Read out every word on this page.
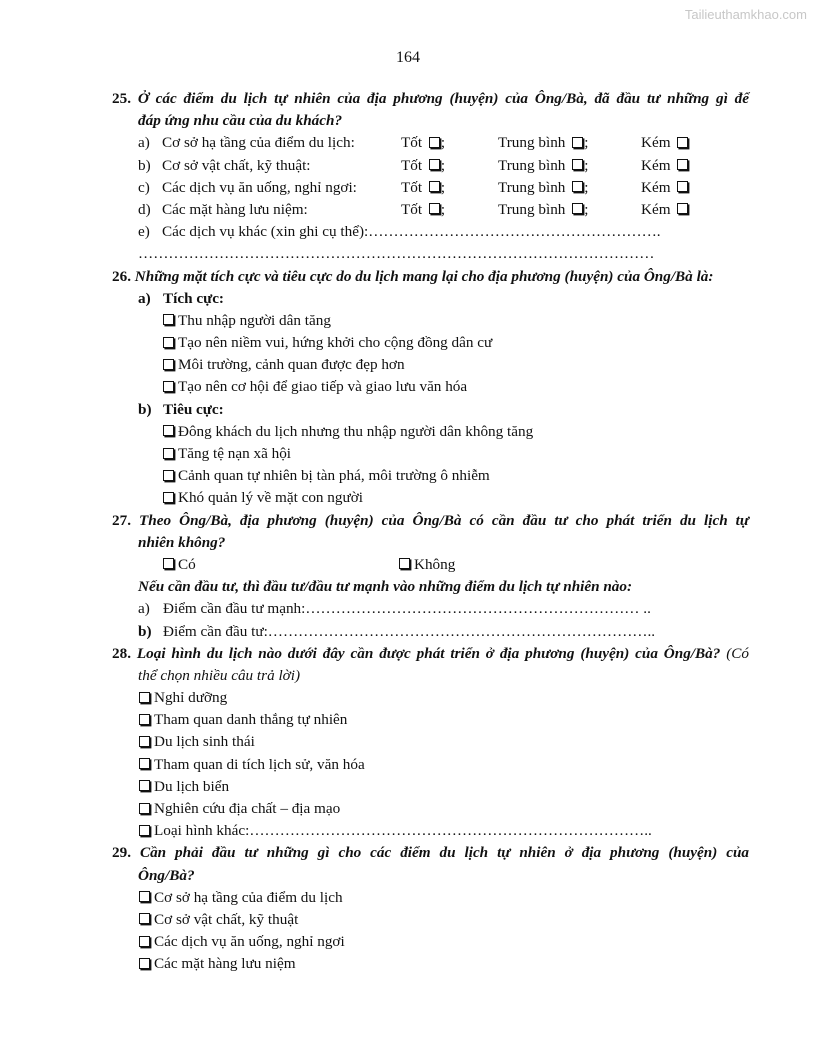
Tailieuthamkhao.com
164
25. Ở các điểm du lịch tự nhiên của địa phương (huyện) của Ông/Bà, đã đầu tư những gì để
đáp ứng nhu cầu của du khách?
a) Cơ sở hạ tầng của điểm du lịch:	Tốt ;	Trung bình ;	Kém
b) Cơ sở vật chất, kỹ thuật:	Tốt ;	Trung bình ;	Kém
c) Các dịch vụ ăn uống, nghỉ ngơi:	Tốt ;	Trung bình ;	Kém
d) Các mặt hàng lưu niệm:	Tốt ;	Trung bình ;	Kém
e) Các dịch vụ khác (xin ghi cụ thể):………………………………………………….
…………………………………………………………………………………………
26. Những mặt tích cực và tiêu cực do du lịch mang lại cho địa phương (huyện) của Ông/Bà là:
a) Tích cực:
Thu nhập người dân tăng
Tạo nên niềm vui, hứng khởi cho cộng đồng dân cư
Môi trường, cảnh quan được đẹp hơn
Tạo nên cơ hội để giao tiếp và giao lưu văn hóa
b) Tiêu cực:
Đông khách du lịch nhưng thu nhập người dân không tăng
Tăng tệ nạn xã hội
Cảnh quan tự nhiên bị tàn phá, môi trường ô nhiễm
Khó quản lý về mặt con người
27. Theo Ông/Bà, địa phương (huyện) của Ông/Bà có cần đầu tư cho phát triển du lịch tự
nhiên không?
Có	Không
Nếu cần đầu tư, thì đầu tư/đầu tư mạnh vào những điểm du lịch tự nhiên nào:
a) Điểm cần đầu tư mạnh:………………………………………………………… ..
b) Điểm cần đầu tư:…………………………………………………………………..
28. Loại hình du lịch nào dưới đây cần được phát triển ở địa phương (huyện) của Ông/Bà? (Có
thể chọn nhiều câu trả lời)
Nghỉ dưỡng
Tham quan danh thắng tự nhiên
Du lịch sinh thái
Tham quan di tích lịch sử, văn hóa
Du lịch biển
Nghiên cứu địa chất – địa mạo
Loại hình khác:……………………………………………………………………..
29. Cần phải đầu tư những gì cho các điểm du lịch tự nhiên ở địa phương (huyện) của
Ông/Bà?
Cơ sở hạ tầng của điểm du lịch
Cơ sở vật chất, kỹ thuật
Các dịch vụ ăn uống, nghỉ ngơi
Các mặt hàng lưu niệm
